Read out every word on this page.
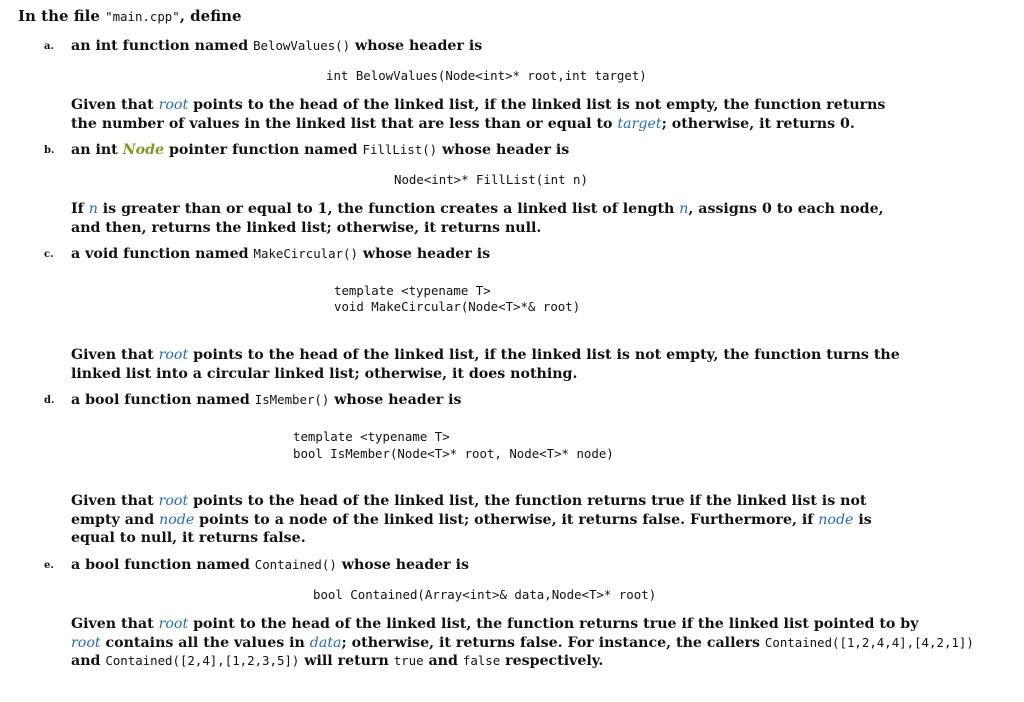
In the file "main.cpp", define
a. an int function named BelowValues() whose header is
int BelowValues(Node<int>* root,int target)
Given that root points to the head of the linked list, if the linked list is not empty, the function returns
the number of values in the linked list that are less than or equal to target; otherwise, it returns 0.
b. an int Node pointer function named FillList() whose header is
Node<int>* FillList(int n)
If n is greater than or equal to 1, the function creates a linked list of length n, assigns 0 to each node,
and then, returns the linked list; otherwise, it returns null.
c. a void function named MakeCircular() whose header is
template <typename T>
void MakeCircular(Node<T>*& root)
Given that root points to the head of the linked list, if the linked list is not empty, the function turns the
linked list into a circular linked list; otherwise, it does nothing.
d. a bool function named IsMember() whose header is
template <typename T>
bool IsMember(Node<T>* root, Node<T>* node)
Given that root points to the head of the linked list, the function returns true if the linked list is not
empty and node points to a node of the linked list; otherwise, it returns false. Furthermore, if node is
equal to null, it returns false.
e. a bool function named Contained() whose header is
bool Contained(Array<int>& data,Node<T>* root)
Given that root point to the head of the linked list, the function returns true if the linked list pointed to by
root contains all the values in data; otherwise, it returns false. For instance, the callers Contained([1,2,4,4],[4,2,1])
and Contained([2,4],[1,2,3,5]) will return true and false respectively.
